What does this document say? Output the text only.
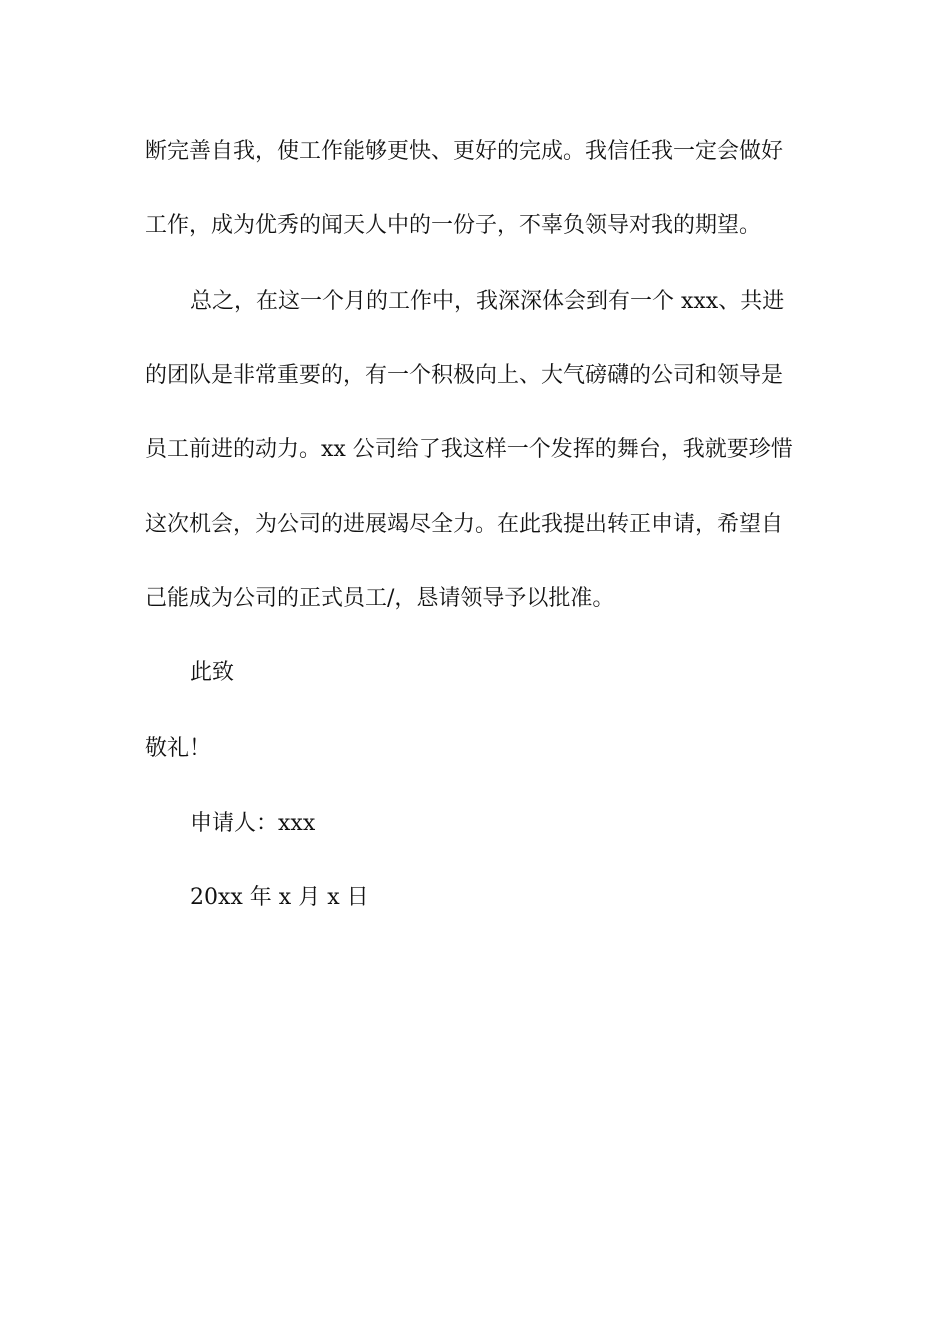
断完善自我，使工作能够更快、更好的完成。我信任我一定会做好
工作，成为优秀的闻天人中的一份子，不辜负领导对我的期望。
总之，在这一个月的工作中，我深深体会到有一个 xxx、共进
的团队是非常重要的，有一个积极向上、大气磅礴的公司和领导是
员工前进的动力。xx 公司给了我这样一个发挥的舞台，我就要珍惜
这次机会，为公司的进展竭尽全力。在此我提出转正申请，希望自
己能成为公司的正式员工/，恳请领导予以批准。
此致
敬礼！
申请人：xxx
20xx 年 x 月 x 日
